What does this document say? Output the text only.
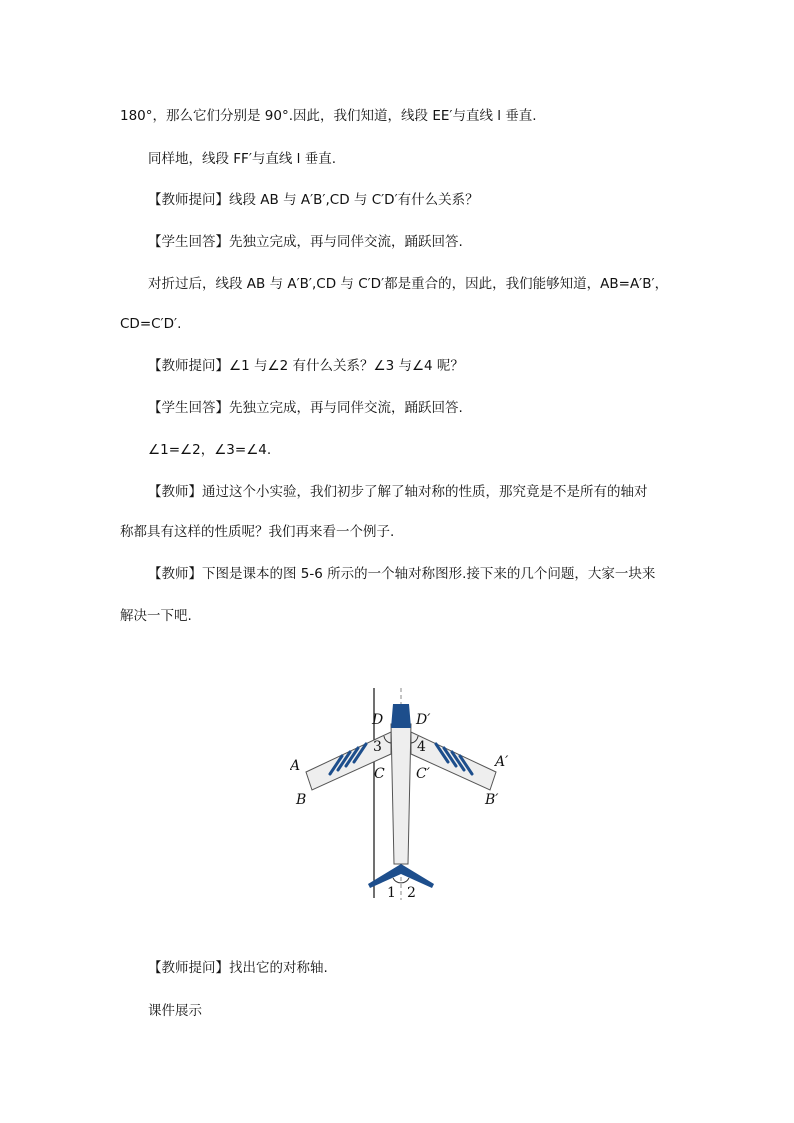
180°，那么它们分别是 90°.因此，我们知道，线段 EE′与直线 l 垂直.
同样地，线段 FF′与直线 l 垂直.
【教师提问】线段 AB 与 A′B′,CD 与 C′D′有什么关系？
【学生回答】先独立完成，再与同伴交流，踊跃回答.
对折过后，线段 AB 与 A′B′,CD 与 C′D′都是重合的，因此，我们能够知道，AB=A′B′，
CD=C′D′.
【教师提问】∠1 与∠2 有什么关系？∠3 与∠4 呢？
【学生回答】先独立完成，再与同伴交流，踊跃回答.
∠1=∠2，∠3=∠4.
【教师】通过这个小实验，我们初步了解了轴对称的性质，那究竟是不是所有的轴对
称都具有这样的性质呢？我们再来看一个例子.
【教师】下图是课本的图 5-6 所示的一个轴对称图形.接下来的几个问题，大家一块来
解决一下吧.
D D′
3	4
A	A′
C C′
B	B′
1 2
【教师提问】找出它的对称轴.
课件展示
